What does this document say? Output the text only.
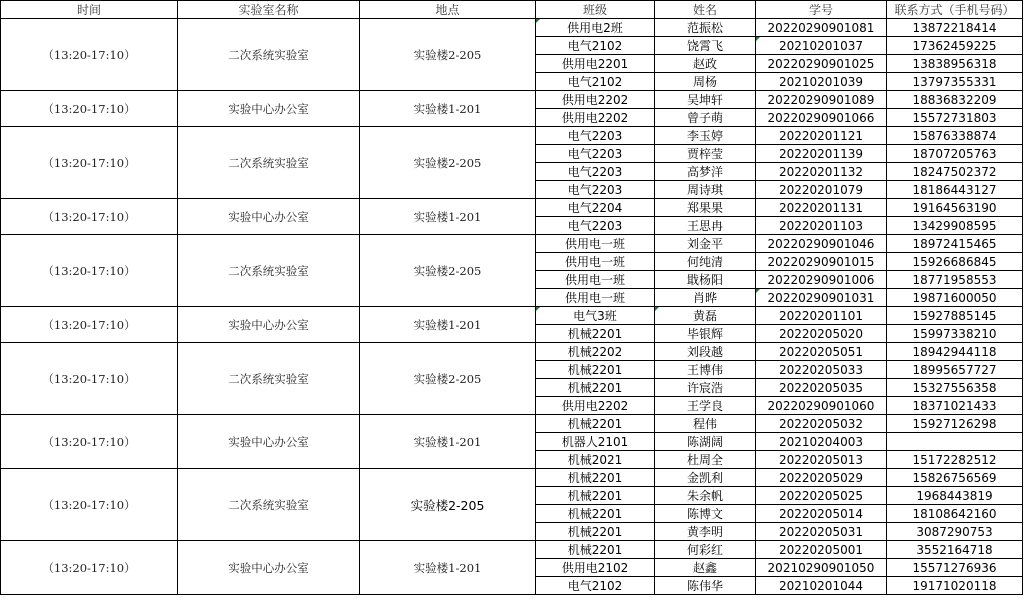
时间	实验室名称	地点	班级	姓名	学号	联系方式（手机号码）
（13:20-17:10）	二次系统实验室	实验楼2-205	供用电2班	范振松	20220290901081	13872218414
			电气2102	饶霄飞	20210201037	17362459225
			供用电2201	赵政	20220290901025	13838956318
			电气2102	周杨	20210201039	13797355331
（13:20-17:10）	实验中心办公室	实验楼1-201	供用电2202	吴坤轩	20220290901089	18836832209
			供用电2202	曾子萌	20220290901066	15572731803
（13:20-17:10）	二次系统实验室	实验楼2-205	电气2203	李玉婷	20220201121	15876338874
			电气2203	贾梓莹	20220201139	18707205763
			电气2203	高梦洋	20220201132	18247502372
			电气2203	周诗琪	20220201079	18186443127
（13:20-17:10）	实验中心办公室	实验楼1-201	电气2204	郑果果	20220201131	19164563190
			电气2203	王思冉	20220201103	13429908595
（13:20-17:10）	二次系统实验室	实验楼2-205	供用电一班	刘金平	20220290901046	18972415465
			供用电一班	何纯清	20220290901015	15926686845
			供用电一班	戢杨阳	20220290901006	18771958553
			供用电一班	肖晔	20220290901031	19871600050
（13:20-17:10）	实验中心办公室	实验楼1-201	电气3班	黄磊	20220201101	15927885145
			机械2201	毕银辉	20220205020	15997338210
（13:20-17:10）	二次系统实验室	实验楼2-205	机械2202	刘段越	20220205051	18942944118
			机械2201	王博伟	20220205033	18995657727
			机械2201	许宸浩	20220205035	15327556358
			供用电2202	王学良	20220290901060	18371021433
（13:20-17:10）	实验中心办公室	实验楼1-201	机械2201	程伟	20220205032	15927126298
			机器人2101	陈湖阔	20210204003	
			机械2021	杜周全	20220205013	15172282512
（13:20-17:10）	二次系统实验室	实验楼2-205	机械2201	金凯利	20220205029	15826756569
			机械2201	朱余帆	20220205025	1968443819
			机械2201	陈博文	20220205014	18108642160
			机械2201	黄李明	20220205031	3087290753
（13:20-17:10）	实验中心办公室	实验楼1-201	机械2201	何彩红	20220205001	3552164718
			供用电2102	赵鑫	20210290901050	15571276936
			电气2102	陈伟华	20210201044	19171020118
